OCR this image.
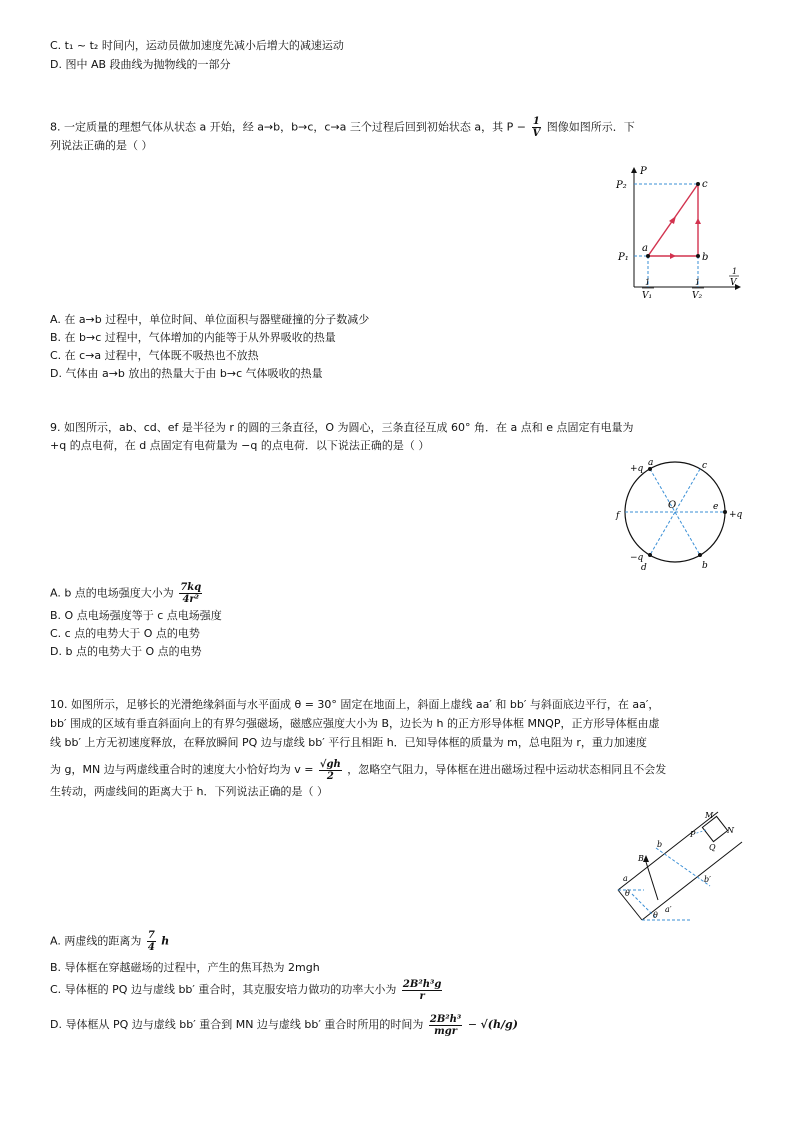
C. t₁ ~ t₂ 时间内，运动员做加速度先减小后增大的减速运动
D. 图中 AB 段曲线为抛物线的一部分
8. 一定质量的理想气体从状态 a 开始，经 a→b，b→c，c→a 三个过程后回到初始状态 a，其 $P - \frac{1}{V}$ 图像如图所示．下
列说法正确的是（ ）
P
P₂
P₁
a
b
c
1
V₁
1
V₂
1
V
A. 在 a→b 过程中，单位时间、单位面积与器壁碰撞的分子数减少
B. 在 b→c 过程中，气体增加的内能等于从外界吸收的热量
C. 在 c→a 过程中，气体既不吸热也不放热
D. 气体由 a→b 放出的热量大于由 b→c 气体吸收的热量
9. 如图所示，ab、cd、ef 是半径为 r 的圆的三条直径，O 为圆心，三条直径互成 60° 角．在 a 点和 e 点固定有电量为
+q 的点电荷，在 d 点固定有电荷量为 −q 的点电荷．以下说法正确的是（ ）
+q
a	c
O
f
e
+q
−q
d	b
A. b 点的电场强度大小为 $\frac{7kq}{\text{4r²}}$
B. O 点电场强度等于 c 点电场强度
C. c 点的电势大于 O 点的电势
D. b 点的电势大于 O 点的电势
10. 如图所示，足够长的光滑绝缘斜面与水平面成 θ = 30° 固定在地面上，斜面上虚线 aa′ 和 bb′ 与斜面底边平行，在 aa′，
bb′ 围成的区域有垂直斜面向上的有界匀强磁场，磁感应强度大小为 B，边长为 h 的正方形导体框 MNQP，正方形导体框由虚
线 bb′ 上方无初速度释放，在释放瞬间 PQ 边与虚线 bb′ 平行且相距 h．已知导体框的质量为 m，总电阻为 r，重力加速度
为 g，MN 边与两虚线重合时的速度大小恰好均为 $v = \frac{√gh}{2}$ ，忽略空气阻力，导体框在进出磁场过程中运动状态相同且不会发
生转动，两虚线间的距离大于 h．下列说法正确的是（ ）
M
N
P
Q
B
b
b′
a
a′
θ
θ
A. 两虚线的距离为 $\frac{7}{4}$ h
B. 导体框在穿越磁场的过程中，产生的焦耳热为 2mgh
C. 导体框的 PQ 边与虚线 bb′ 重合时，其克服安培力做功的功率大小为 $\frac{\text{2B²h³g}}{r}$
D. 导体框从 PQ 边与虚线 bb′ 重合到 MN 边与虚线 bb′ 重合时所用的时间为 $\frac{\text{2B²h³}}{\text{mgr}} - √(h/g)$
